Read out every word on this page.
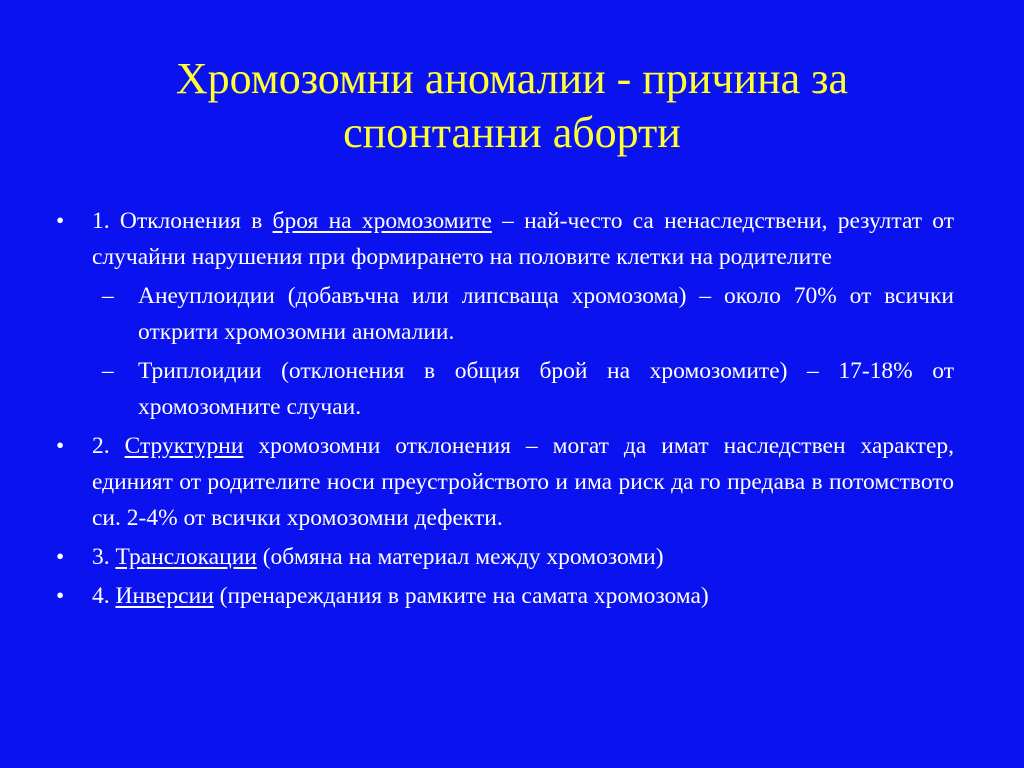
Хромозомни аномалии - причина за
спонтанни аборти
• 1. Отклонения в броя на хромозомите – най-често са ненаследствени, резултат от случайни нарушения при формирането на половите клетки на родителите
– Анеуплоидии (добавъчна или липсваща хромозома) – около 70% от всички открити хромозомни аномалии.
– Триплоидии (отклонения в общия брой на хромозомите) – 17-18% от хромозомните случаи.
• 2. Структурни хромозомни отклонения – могат да имат наследствен характер, единият от родителите носи преустройството и има риск да го предава в потомството си. 2-4% от всички хромозомни дефекти.
• 3. Транслокации (обмяна на материал между хромозоми)
• 4. Инверсии (пренареждания в рамките на самата хромозома)
